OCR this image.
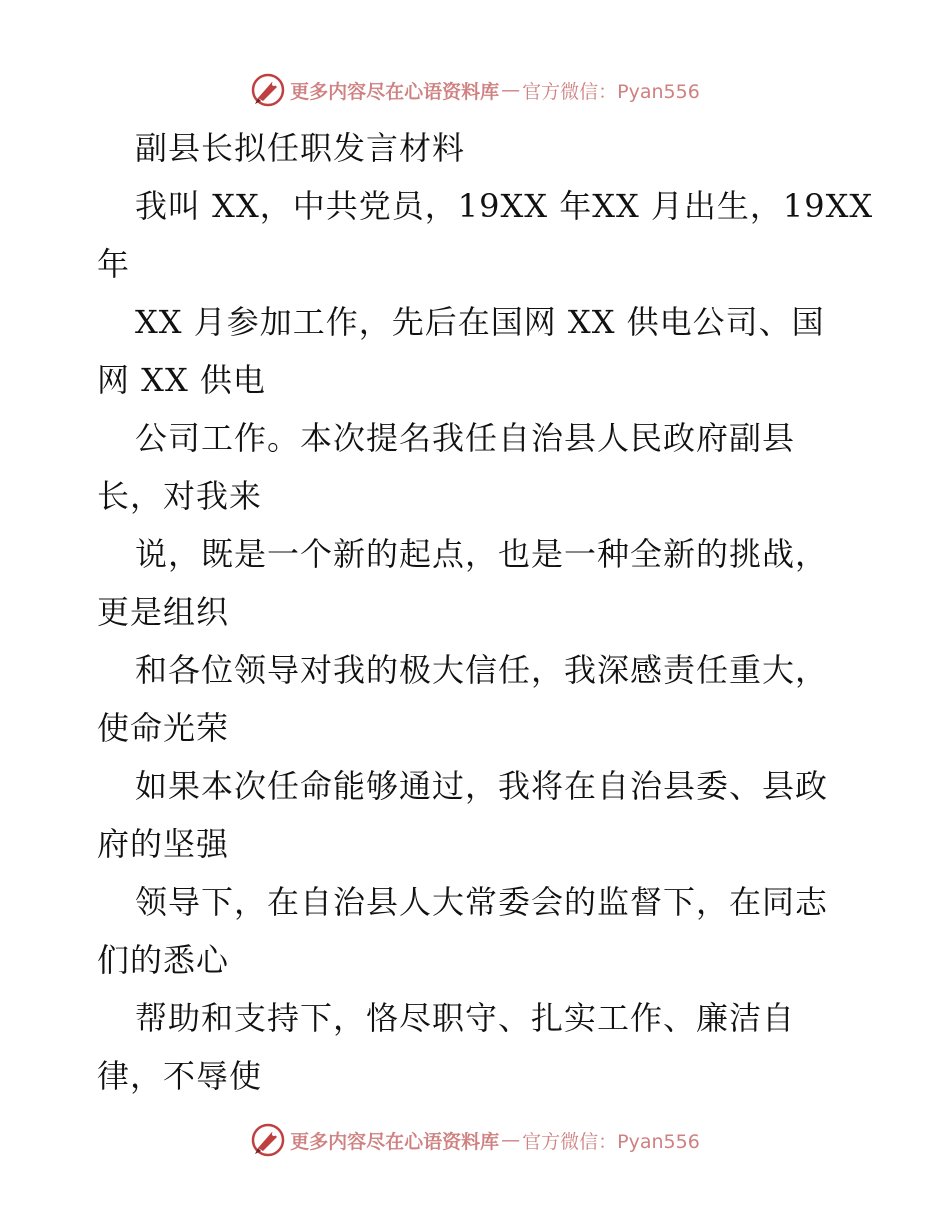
更多内容尽在心语资料库 — 官方微信：Pyan556
副县长拟任职发言材料
我叫 XX，中共党员，19XX 年XX 月出生，19XX
年
XX 月参加工作，先后在国网 XX 供电公司、国
网 XX 供电
公司工作。本次提名我任自治县人民政府副县
长，对我来
说，既是一个新的起点，也是一种全新的挑战，
更是组织
和各位领导对我的极大信任，我深感责任重大，
使命光荣
如果本次任命能够通过，我将在自治县委、县政
府的坚强
领导下，在自治县人大常委会的监督下，在同志
们的悉心
帮助和支持下，恪尽职守、扎实工作、廉洁自
律，不辱使
更多内容尽在心语资料库 — 官方微信：Pyan556
